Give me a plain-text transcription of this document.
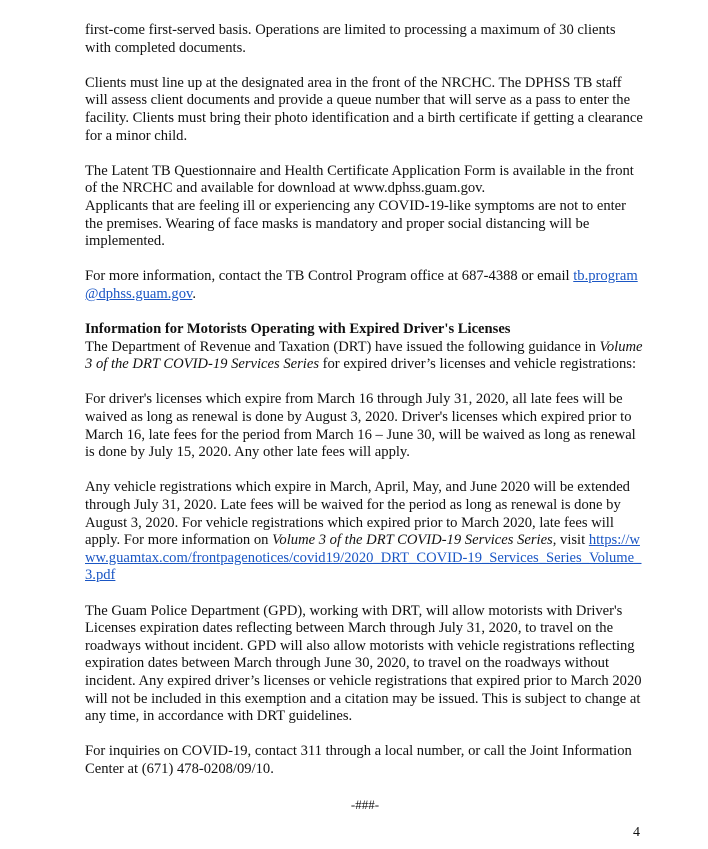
first-come first-served basis. Operations are limited to processing a maximum of 30 clients with completed documents.

Clients must line up at the designated area in the front of the NRCHC. The DPHSS TB staff will assess client documents and provide a queue number that will serve as a pass to enter the facility. Clients must bring their photo identification and a birth certificate if getting a clearance for a minor child.

The Latent TB Questionnaire and Health Certificate Application Form is available in the front of the NRCHC and available for download at www.dphss.guam.gov.

Applicants that are feeling ill or experiencing any COVID-19-like symptoms are not to enter the premises. Wearing of face masks is mandatory and proper social distancing will be implemented.

For more information, contact the TB Control Program office at 687-4388 or email tb.program@dphss.guam.gov.

Information for Motorists Operating with Expired Driver's Licenses
The Department of Revenue and Taxation (DRT) have issued the following guidance in Volume 3 of the DRT COVID-19 Services Series for expired driver’s licenses and vehicle registrations:

For driver's licenses which expire from March 16 through July 31, 2020, all late fees will be waived as long as renewal is done by August 3, 2020. Driver's licenses which expired prior to March 16, late fees for the period from March 16 – June 30, will be waived as long as renewal is done by July 15, 2020. Any other late fees will apply.

Any vehicle registrations which expire in March, April, May, and June 2020 will be extended through July 31, 2020. Late fees will be waived for the period as long as renewal is done by August 3, 2020. For vehicle registrations which expired prior to March 2020, late fees will apply. For more information on Volume 3 of the DRT COVID-19 Services Series, visit https://www.guamtax.com/frontpagenotices/covid19/2020_DRT_COVID-19_Services_Series_Volume_3.pdf

The Guam Police Department (GPD), working with DRT, will allow motorists with Driver's Licenses expiration dates reflecting between March through July 31, 2020, to travel on the roadways without incident. GPD will also allow motorists with vehicle registrations reflecting expiration dates between March through June 30, 2020, to travel on the roadways without incident. Any expired driver’s licenses or vehicle registrations that expired prior to March 2020 will not be included in this exemption and a citation may be issued. This is subject to change at any time, in accordance with DRT guidelines.

For inquiries on COVID-19, contact 311 through a local number, or call the Joint Information Center at (671) 478-0208/09/10.

-###-
4
